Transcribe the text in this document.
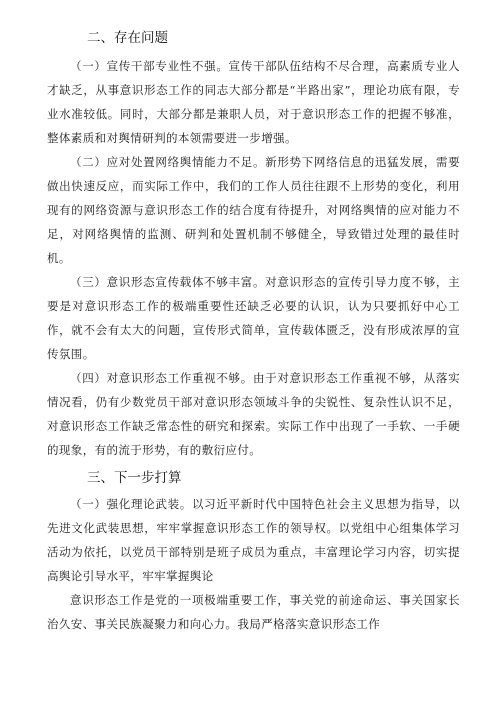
二、存在问题

（一）宣传干部专业性不强。宣传干部队伍结构不尽合理，高素质专业人才缺乏，从事意识形态工作的同志大部分都是“半路出家”，理论功底有限，专业水准较低。同时，大部分都是兼职人员，对于意识形态工作的把握不够准，整体素质和对舆情研判的本领需要进一步增强。

（二）应对处置网络舆情能力不足。新形势下网络信息的迅猛发展，需要做出快速反应，而实际工作中，我们的工作人员往往跟不上形势的变化，利用现有的网络资源与意识形态工作的结合度有待提升，对网络舆情的应对能力不足，对网络舆情的监测、研判和处置机制不够健全，导致错过处理的最佳时机。

（三）意识形态宣传载体不够丰富。对意识形态的宣传引导力度不够，主要是对意识形态工作的极端重要性还缺乏必要的认识，认为只要抓好中心工作，就不会有太大的问题，宣传形式简单，宣传载体匮乏，没有形成浓厚的宣传氛围。

（四）对意识形态工作重视不够。由于对意识形态工作重视不够，从落实情况看，仍有少数党员干部对意识形态领域斗争的尖锐性、复杂性认识不足，对意识形态工作缺乏常态性的研究和探索。实际工作中出现了一手软、一手硬的现象，有的流于形势，有的敷衍应付。

三、下一步打算

（一）强化理论武装。以习近平新时代中国特色社会主义思想为指导，以先进文化武装思想，牢牢掌握意识形态工作的领导权。以党组中心组集体学习活动为依托，以党员干部特别是班子成员为重点，丰富理论学习内容，切实提高舆论引导水平，牢牢掌握舆论

意识形态工作是党的一项极端重要工作，事关党的前途命运、事关国家长治久安、事关民族凝聚力和向心力。我局严格落实意识形态工作
